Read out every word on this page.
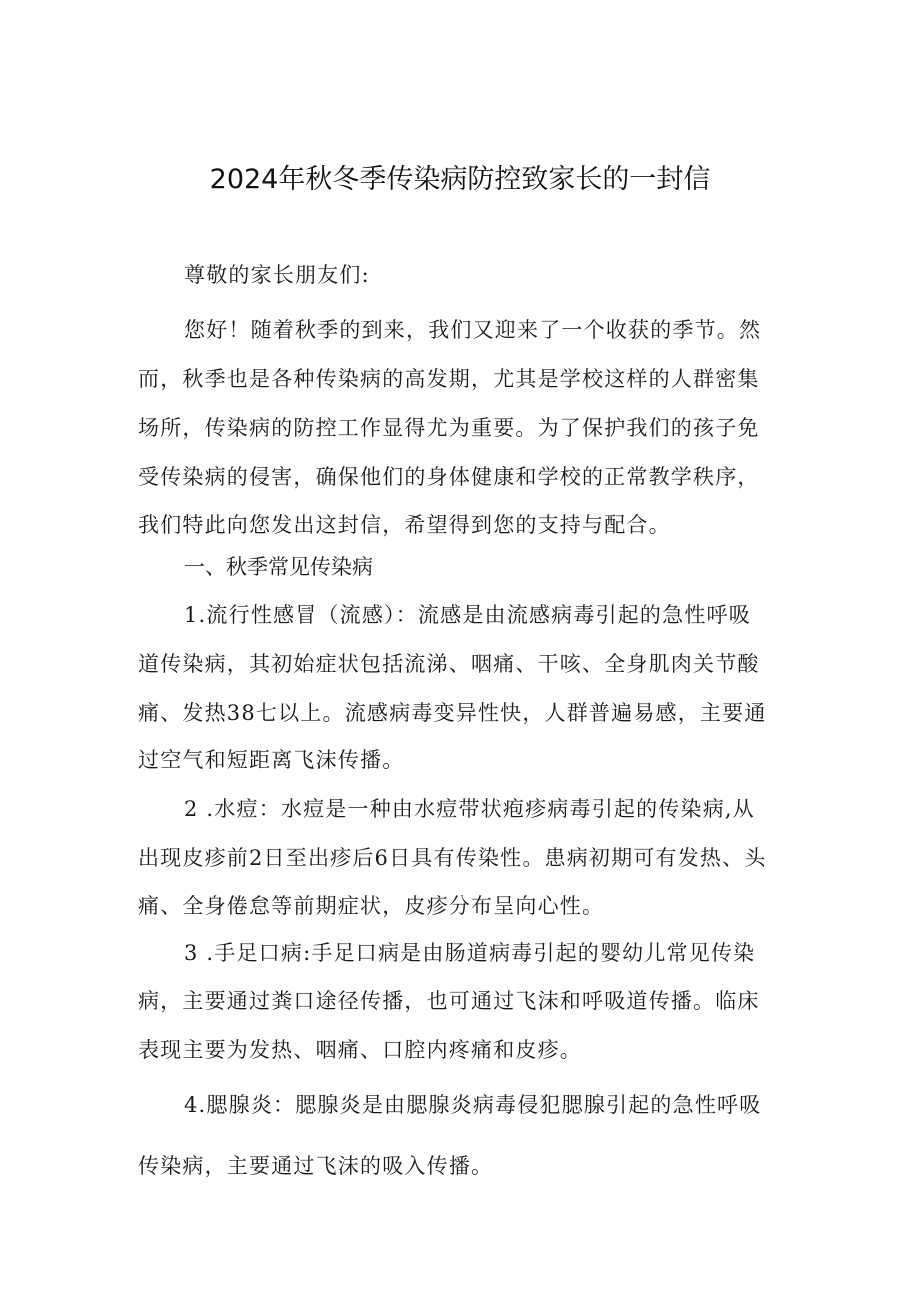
2024年秋冬季传染病防控致家长的一封信
尊敬的家长朋友们:
您好！随着秋季的到来，我们又迎来了一个收获的季节。然
而，秋季也是各种传染病的高发期，尤其是学校这样的人群密集
场所，传染病的防控工作显得尤为重要。为了保护我们的孩子免
受传染病的侵害，确保他们的身体健康和学校的正常教学秩序，
我们特此向您发出这封信，希望得到您的支持与配合。
一、秋季常见传染病
1.流行性感冒（流感）：流感是由流感病毒引起的急性呼吸
道传染病，其初始症状包括流涕、咽痛、干咳、全身肌肉关节酸
痛、发热38七以上。流感病毒变异性快，人群普遍易感，主要通
过空气和短距离飞沫传播。
2 .水痘：水痘是一种由水痘带状疱疹病毒引起的传染病,从
出现皮疹前2日至出疹后6日具有传染性。患病初期可有发热、头
痛、全身倦怠等前期症状，皮疹分布呈向心性。
3 .手足口病:手足口病是由肠道病毒引起的婴幼儿常见传染
病，主要通过粪口途径传播，也可通过飞沫和呼吸道传播。临床
表现主要为发热、咽痛、口腔内疼痛和皮疹。
4.腮腺炎：腮腺炎是由腮腺炎病毒侵犯腮腺引起的急性呼吸
传染病，主要通过飞沫的吸入传播。
